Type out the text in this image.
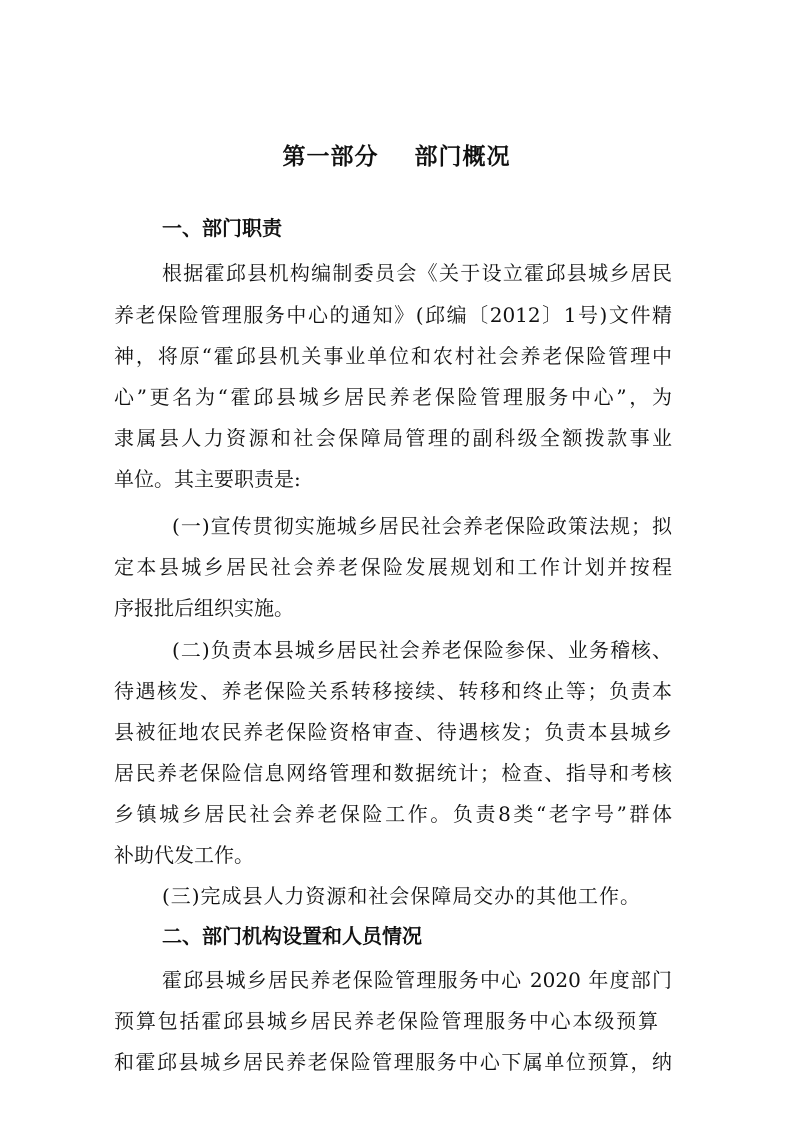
第一部分    部门概况
一、部门职责
根据霍邱县机构编制委员会《关于设立霍邱县城乡居民
养老保险管理服务中心的通知》(邱编〔2012〕1号)文件精
神，将原“霍邱县机关事业单位和农村社会养老保险管理中
心”更名为“霍邱县城乡居民养老保险管理服务中心”，为
隶属县人力资源和社会保障局管理的副科级全额拨款事业
单位。其主要职责是:
(一)宣传贯彻实施城乡居民社会养老保险政策法规；拟
定本县城乡居民社会养老保险发展规划和工作计划并按程
序报批后组织实施。
(二)负责本县城乡居民社会养老保险参保、业务稽核、
待遇核发、养老保险关系转移接续、转移和终止等；负责本
县被征地农民养老保险资格审查、待遇核发；负责本县城乡
居民养老保险信息网络管理和数据统计；检查、指导和考核
乡镇城乡居民社会养老保险工作。负责8类“老字号”群体
补助代发工作。
(三)完成县人力资源和社会保障局交办的其他工作。
二、部门机构设置和人员情况
霍邱县城乡居民养老保险管理服务中心 2020 年度部门
预算包括霍邱县城乡居民养老保险管理服务中心本级预算
和霍邱县城乡居民养老保险管理服务中心下属单位预算，纳
